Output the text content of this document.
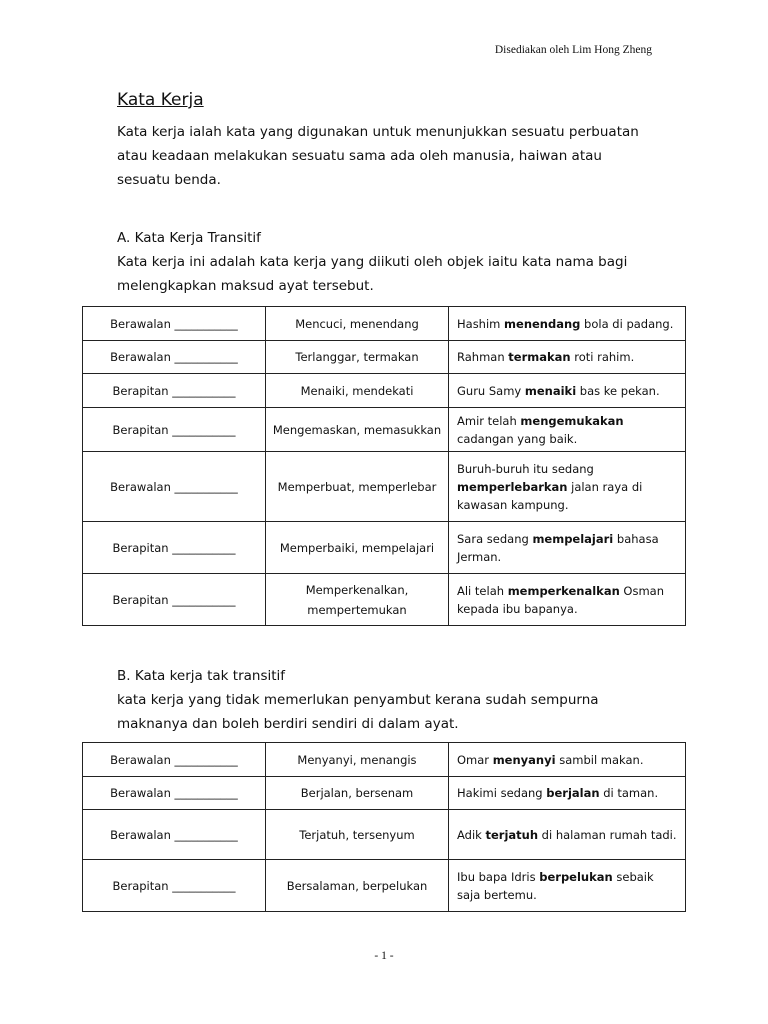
Disediakan oleh Lim Hong Zheng
Kata Kerja

Kata kerja ialah kata yang digunakan untuk menunjukkan sesuatu perbuatan atau keadaan melakukan sesuatu sama ada oleh manusia, haiwan atau sesuatu benda.

A. Kata Kerja Transitif

Kata kerja ini adalah kata kerja yang diikuti oleh objek iaitu kata nama bagi melengkapkan maksud ayat tersebut.

Berawalan ___________	Mencuci, menendang	Hashim menendang bola di padang.
Berawalan ___________	Terlanggar, termakan	Rahman termakan roti rahim.
Berapitan ___________	Menaiki, mendekati	Guru Samy menaiki bas ke pekan.
Berapitan ___________	Mengemaskan, memasukkan	Amir telah mengemukakan cadangan yang baik.
Berawalan ___________	Memperbuat, memperlebar	Buruh-buruh itu sedang memperlebarkan jalan raya di kawasan kampung.
Berapitan ___________	Memperbaiki, mempelajari	Sara sedang mempelajari bahasa Jerman.
Berapitan ___________	Memperkenalkan, mempertemukan	Ali telah memperkenalkan Osman kepada ibu bapanya.
B. Kata kerja tak transitif

kata kerja yang tidak memerlukan penyambut kerana sudah sempurna maknanya dan boleh berdiri sendiri di dalam ayat.

Berawalan ___________	Menyanyi, menangis	Omar menyanyi sambil makan.
Berawalan ___________	Berjalan, bersenam	Hakimi sedang berjalan di taman.
Berawalan ___________	Terjatuh, tersenyum	Adik terjatuh di halaman rumah tadi.
Berapitan ___________	Bersalaman, berpelukan	Ibu bapa Idris berpelukan sebaik saja bertemu.
- 1 -
